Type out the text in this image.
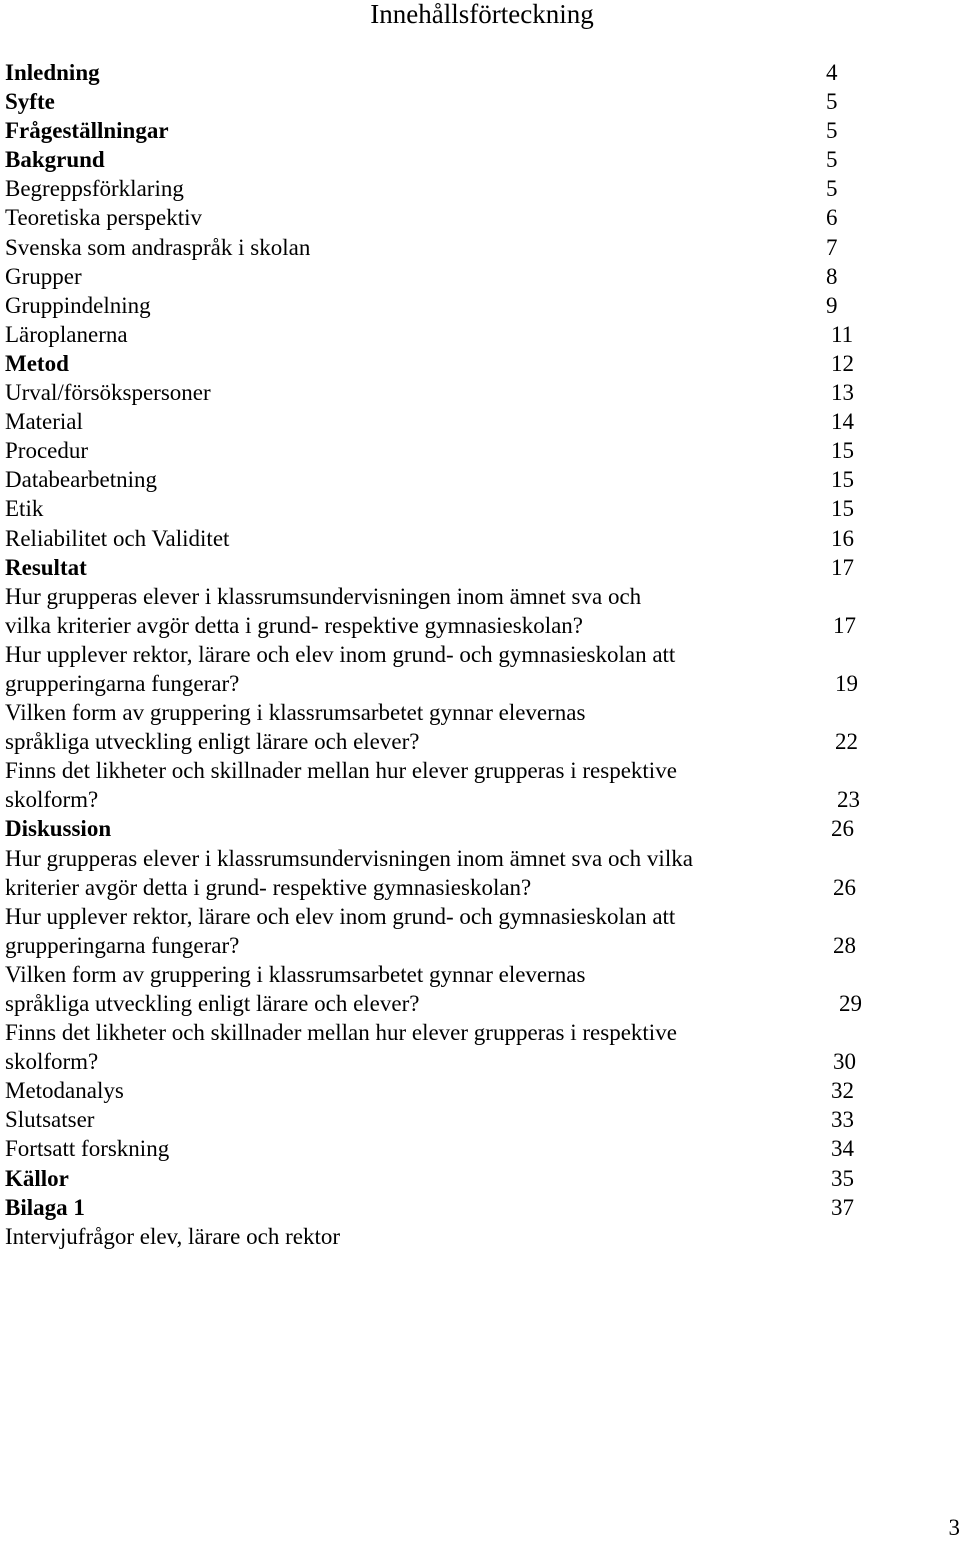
Innehållsförteckning
Inledning	4
Syfte	5
Frågeställningar	5
Bakgrund	5
Begreppsförklaring	5
Teoretiska perspektiv	6
Svenska som andraspråk i skolan	7
Grupper	8
Gruppindelning	9
Läroplanerna	11
Metod	12
Urval/försökspersoner	13
Material	14
Procedur	15
Databearbetning	15
Etik	15
Reliabilitet och Validitet	16
Resultat	17
Hur grupperas elever i klassrumsundervisningen inom ämnet sva och
vilka kriterier avgör detta i grund- respektive gymnasieskolan?	17
Hur upplever rektor, lärare och elev inom grund- och gymnasieskolan att
grupperingarna fungerar?	19
Vilken form av gruppering i klassrumsarbetet gynnar elevernas
språkliga utveckling enligt lärare och elever?	22
Finns det likheter och skillnader mellan hur elever grupperas i respektive
skolform?	23
Diskussion	26
Hur grupperas elever i klassrumsundervisningen inom ämnet sva och vilka
kriterier avgör detta i grund- respektive gymnasieskolan?	26
Hur upplever rektor, lärare och elev inom grund- och gymnasieskolan att
grupperingarna fungerar?	28
Vilken form av gruppering i klassrumsarbetet gynnar elevernas
språkliga utveckling enligt lärare och elever?	29
Finns det likheter och skillnader mellan hur elever grupperas i respektive
skolform?	30
Metodanalys	32
Slutsatser	33
Fortsatt forskning	34
Källor	35
Bilaga 1	37
Intervjufrågor elev, lärare och rektor
3
